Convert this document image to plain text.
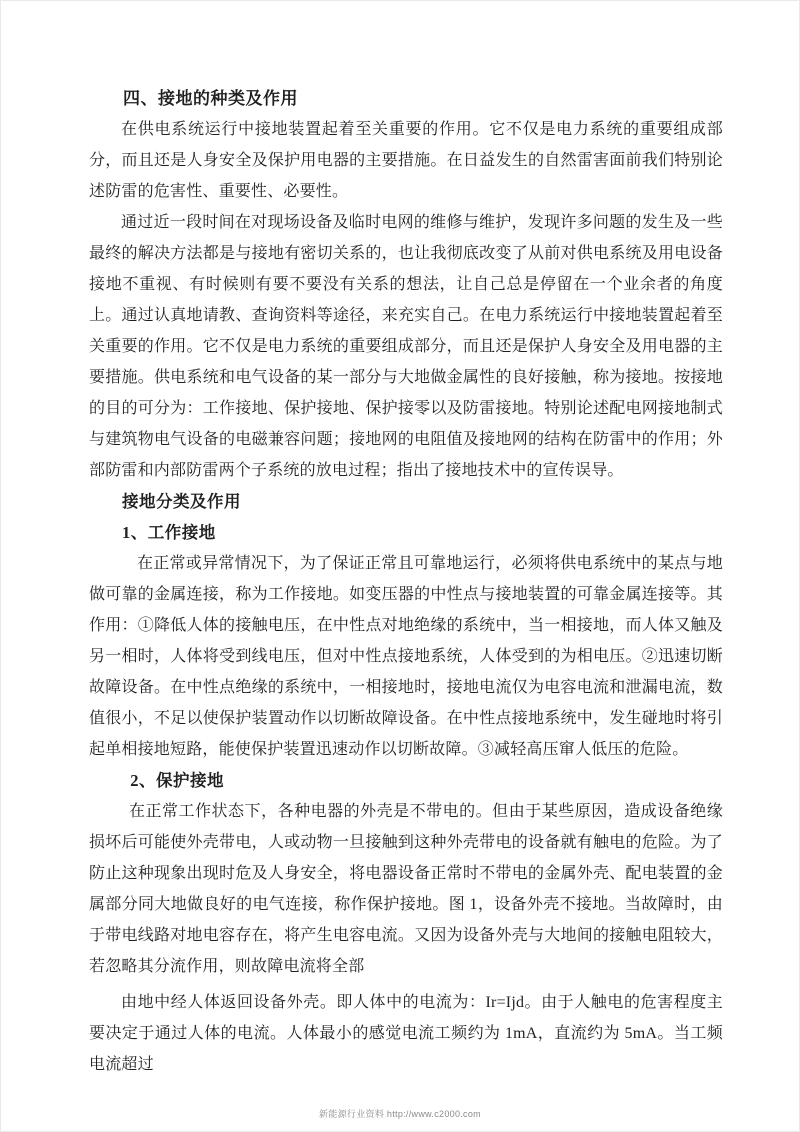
四、接地的种类及作用

在供电系统运行中接地装置起着至关重要的作用。它不仅是电力系统的重要组成部分，而且还是人身安全及保护用电器的主要措施。在日益发生的自然雷害面前我们特别论述防雷的危害性、重要性、必要性。

通过近一段时间在对现场设备及临时电网的维修与维护，发现许多问题的发生及一些最终的解决方法都是与接地有密切关系的，也让我彻底改变了从前对供电系统及用电设备接地不重视、有时候则有要不要没有关系的想法，让自己总是停留在一个业余者的角度上。通过认真地请教、查询资料等途径，来充实自己。在电力系统运行中接地装置起着至关重要的作用。它不仅是电力系统的重要组成部分，而且还是保护人身安全及用电器的主要措施。供电系统和电气设备的某一部分与大地做金属性的良好接触，称为接地。按接地的目的可分为：工作接地、保护接地、保护接零以及防雷接地。特别论述配电网接地制式与建筑物电气设备的电磁兼容问题；接地网的电阻值及接地网的结构在防雷中的作用；外部防雷和内部防雷两个子系统的放电过程；指出了接地技术中的宣传误导。

接地分类及作用
1、工作接地

在正常或异常情况下，为了保证正常且可靠地运行，必须将供电系统中的某点与地做可靠的金属连接，称为工作接地。如变压器的中性点与接地装置的可靠金属连接等。其作用：①降低人体的接触电压，在中性点对地绝缘的系统中，当一相接地，而人体又触及另一相时，人体将受到线电压，但对中性点接地系统，人体受到的为相电压。②迅速切断故障设备。在中性点绝缘的系统中，一相接地时，接地电流仅为电容电流和泄漏电流，数值很小，不足以使保护装置动作以切断故障设备。在中性点接地系统中，发生碰地时将引起单相接地短路，能使保护装置迅速动作以切断故障。③减轻高压窜人低压的危险。

2、保护接地

在正常工作状态下，各种电器的外壳是不带电的。但由于某些原因，造成设备绝缘损坏后可能使外壳带电，人或动物一旦接触到这种外壳带电的设备就有触电的危险。为了防止这种现象出现时危及人身安全，将电器设备正常时不带电的金属外壳、配电装置的金属部分同大地做良好的电气连接，称作保护接地。图 1，设备外壳不接地。当故障时，由于带电线路对地电容存在，将产生电容电流。又因为设备外壳与大地间的接触电阻较大，若忽略其分流作用，则故障电流将全部

由地中经人体返回设备外壳。即人体中的电流为：Ir=Ijd。由于人触电的危害程度主要决定于通过人体的电流。人体最小的感觉电流工频约为 1mA，直流约为 5mA。当工频电流超过

新能源行业资料 http://www.c2000.com
